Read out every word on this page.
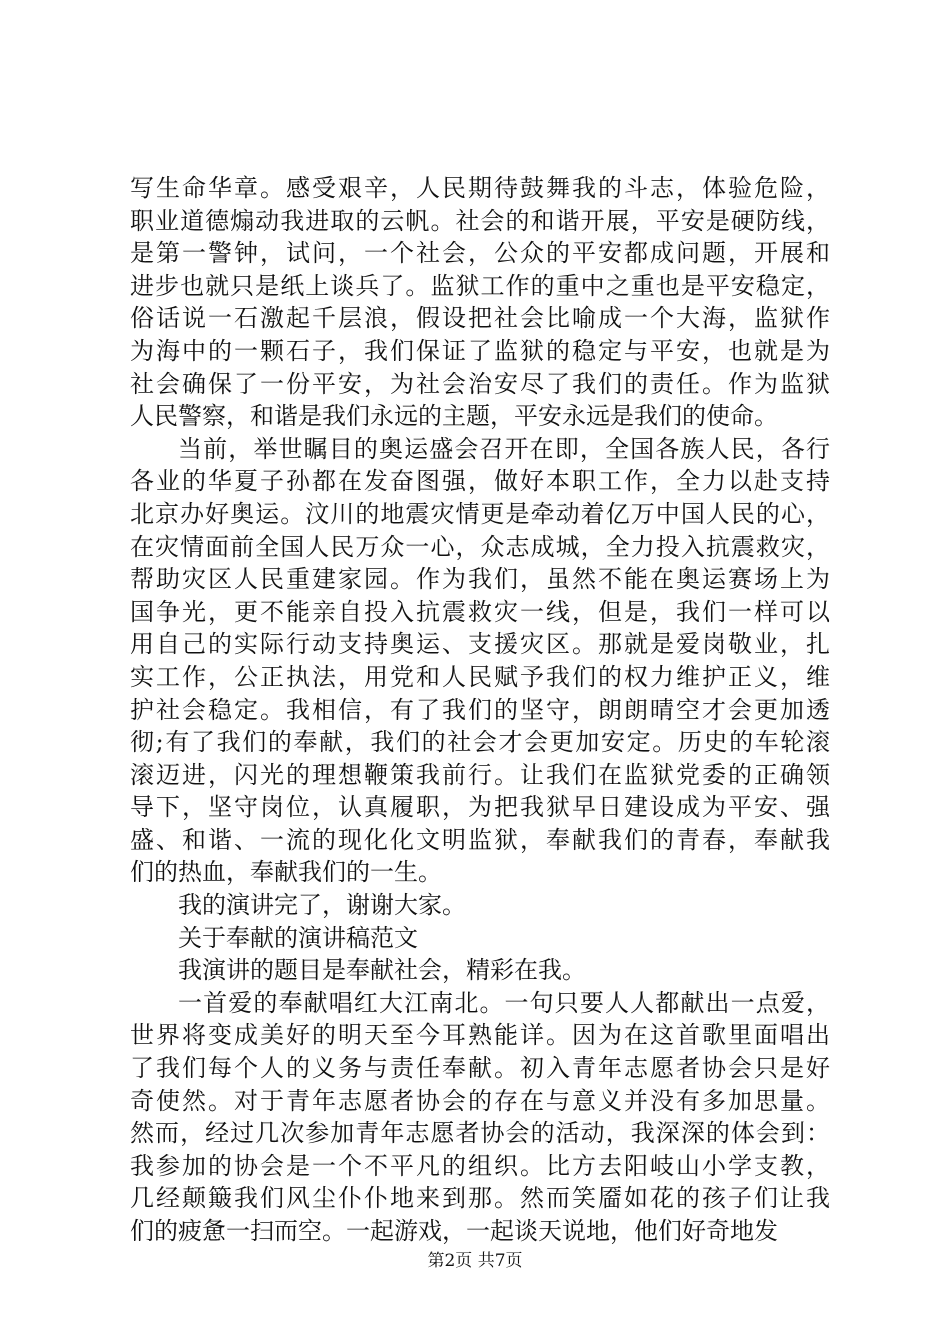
写生命华章。感受艰辛，人民期待鼓舞我的斗志，体验危险，
职业道德煽动我进取的云帆。社会的和谐开展，平安是硬防线，
是第一警钟，试问，一个社会，公众的平安都成问题，开展和
进步也就只是纸上谈兵了。监狱工作的重中之重也是平安稳定，
俗话说一石激起千层浪，假设把社会比喻成一个大海，监狱作
为海中的一颗石子，我们保证了监狱的稳定与平安，也就是为
社会确保了一份平安，为社会治安尽了我们的责任。作为监狱
人民警察，和谐是我们永远的主题，平安永远是我们的使命。
当前，举世瞩目的奥运盛会召开在即，全国各族人民，各行
各业的华夏子孙都在发奋图强，做好本职工作，全力以赴支持
北京办好奥运。汶川的地震灾情更是牵动着亿万中国人民的心，
在灾情面前全国人民万众一心，众志成城，全力投入抗震救灾，
帮助灾区人民重建家园。作为我们，虽然不能在奥运赛场上为
国争光，更不能亲自投入抗震救灾一线，但是，我们一样可以
用自己的实际行动支持奥运、支援灾区。那就是爱岗敬业，扎
实工作，公正执法，用党和人民赋予我们的权力维护正义，维
护社会稳定。我相信，有了我们的坚守，朗朗晴空才会更加透
彻;有了我们的奉献，我们的社会才会更加安定。历史的车轮滚
滚迈进，闪光的理想鞭策我前行。让我们在监狱党委的正确领
导下，坚守岗位，认真履职，为把我狱早日建设成为平安、强
盛、和谐、一流的现化化文明监狱，奉献我们的青春，奉献我
们的热血，奉献我们的一生。
我的演讲完了，谢谢大家。
关于奉献的演讲稿范文
我演讲的题目是奉献社会，精彩在我。
一首爱的奉献唱红大江南北。一句只要人人都献出一点爱，
世界将变成美好的明天至今耳熟能详。因为在这首歌里面唱出
了我们每个人的义务与责任奉献。初入青年志愿者协会只是好
奇使然。对于青年志愿者协会的存在与意义并没有多加思量。
然而，经过几次参加青年志愿者协会的活动，我深深的体会到：
我参加的协会是一个不平凡的组织。比方去阳岐山小学支教，
几经颠簸我们风尘仆仆地来到那。然而笑靥如花的孩子们让我
们的疲惫一扫而空。一起游戏，一起谈天说地，他们好奇地发
第2页 共7页
